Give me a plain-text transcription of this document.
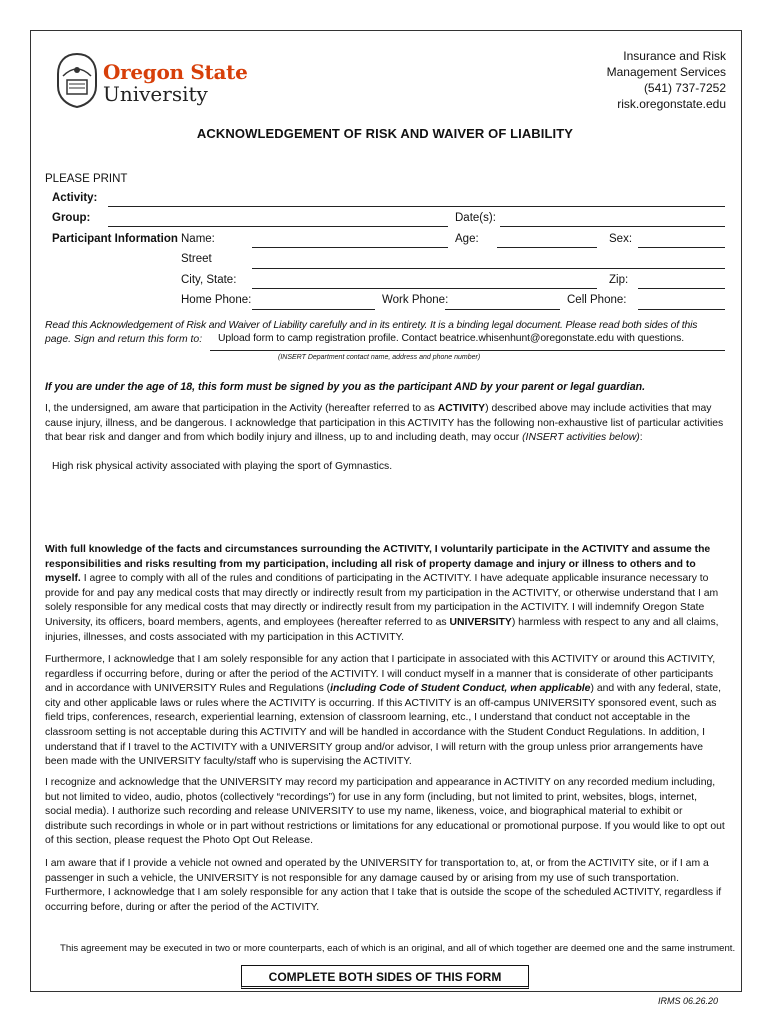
Oregon State
University
Insurance and Risk
Management Services
(541) 737-7252
risk.oregonstate.edu
ACKNOWLEDGEMENT OF RISK AND WAIVER OF LIABILITY
PLEASE PRINT
Activity:
Group:	Date(s):
Participant Information Name:	Age:	Sex:
Street
City, State:	Zip:
Home Phone:	Work Phone:	Cell Phone:
Read this Acknowledgement of Risk and Waiver of Liability carefully and in its entirety. It is a binding legal document. Please read both sides of this
page. Sign and return this form to:	Upload form to camp registration profile. Contact beatrice.whisenhunt@oregonstate.edu with questions.
(INSERT Department contact name, address and phone number)
If you are under the age of 18, this form must be signed by you as the participant AND by your parent or legal guardian.
I, the undersigned, am aware that participation in the Activity (hereafter referred to as ACTIVITY) described above may include activities that may cause injury, illness, and be dangerous. I acknowledge that participation in this ACTIVITY has the following non-exhaustive list of particular activities that bear risk and danger and from which bodily injury and illness, up to and including death, may occur (INSERT activities below):
High risk physical activity associated with playing the sport of Gymnastics.
With full knowledge of the facts and circumstances surrounding the ACTIVITY, I voluntarily participate in the ACTIVITY and assume the responsibilities and risks resulting from my participation, including all risk of property damage and injury or illness to others and to myself. I agree to comply with all of the rules and conditions of participating in the ACTIVITY. I have adequate applicable insurance necessary to provide for and pay any medical costs that may directly or indirectly result from my participation in the ACTIVITY, or otherwise understand that I am solely responsible for any medical costs that may directly or indirectly result from my participation in the ACTIVITY. I will indemnify Oregon State University, its officers, board members, agents, and employees (hereafter referred to as UNIVERSITY) harmless with respect to any and all claims, injuries, illnesses, and costs associated with my participation in this ACTIVITY.
Furthermore, I acknowledge that I am solely responsible for any action that I participate in associated with this ACTIVITY or around this ACTIVITY, regardless if occurring before, during or after the period of the ACTIVITY. I will conduct myself in a manner that is considerate of other participants and in accordance with UNIVERSITY Rules and Regulations (including Code of Student Conduct, when applicable) and with any federal, state, city and other applicable laws or rules where the ACTIVITY is occurring. If this ACTIVITY is an off-campus UNIVERSITY sponsored event, such as field trips, conferences, research, experiential learning, extension of classroom learning, etc., I understand that conduct not acceptable in the classroom setting is not acceptable during this ACTIVITY and will be handled in accordance with the Student Conduct Regulations. In addition, I understand that if I travel to the ACTIVITY with a UNIVERSITY group and/or advisor, I will return with the group unless prior arrangements have been made with the UNIVERSITY faculty/staff who is supervising the ACTIVITY.
I recognize and acknowledge that the UNIVERSITY may record my participation and appearance in ACTIVITY on any recorded medium including, but not limited to video, audio, photos (collectively “recordings”) for use in any form (including, but not limited to print, websites, blogs, internet, social media). I authorize such recording and release UNIVERSITY to use my name, likeness, voice, and biographical material to exhibit or distribute such recordings in whole or in part without restrictions or limitations for any educational or promotional purpose. If you would like to opt out of this section, please request the Photo Opt Out Release.
I am aware that if I provide a vehicle not owned and operated by the UNIVERSITY for transportation to, at, or from the ACTIVITY site, or if I am a passenger in such a vehicle, the UNIVERSITY is not responsible for any damage caused by or arising from my use of such transportation. Furthermore, I acknowledge that I am solely responsible for any action that I take that is outside the scope of the scheduled ACTIVITY, regardless if occurring before, during or after the period of the ACTIVITY.
This agreement may be executed in two or more counterparts, each of which is an original, and all of which together are deemed one and the same instrument.
COMPLETE BOTH SIDES OF THIS FORM
IRMS 06.26.20
